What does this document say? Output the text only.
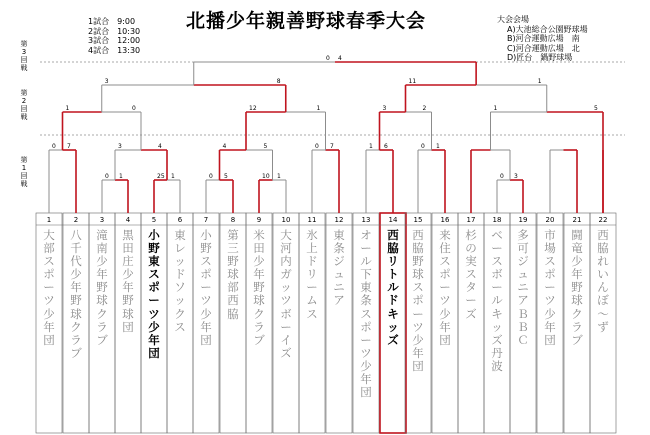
北播少年親善野球春季大会
1試合　9:00
2試合　10:30
3試合　12:00
4試合　13:30
大会会場
A)大池総合公園野球場
B)河合運動広場　南
C)河合運動広場　北
D)匠台　鍋野球場
第3回戦
第2回戦
第1回戦
1
大部スポーツ少年団
2
八千代少年野球クラブ
3
滝南少年野球クラブ
4
黒田庄少年野球団
5
小野東スポーツ少年団
6
東レッドソックス
7
小野スポーツ少年団
8
第三野球部西脇
9
米田少年野球クラブ
10
大河内ガッツボーイズ
11
氷上ドリームス
12
東条ジュニア
13
オール下東条スポーツ少年団
14
西脇リトルドキッズ
15
西脇野球スポーツ少年団
16
来住スポーツ少年団
17
杉の実スターズ
18
ベースボールキッズ丹波
19
多可ジュニアＢＢＣ
20
市場スポーツ少年団
21
闘竜少年野球クラブ
22
西脇れいんぼ～ず
0 1	25 1	0 5	10 1	0 3
0 7	3	4	4	5	0 7	1 6	0 1
1	0	12	1	3	2	1	5
3	8	11	1
0 4
